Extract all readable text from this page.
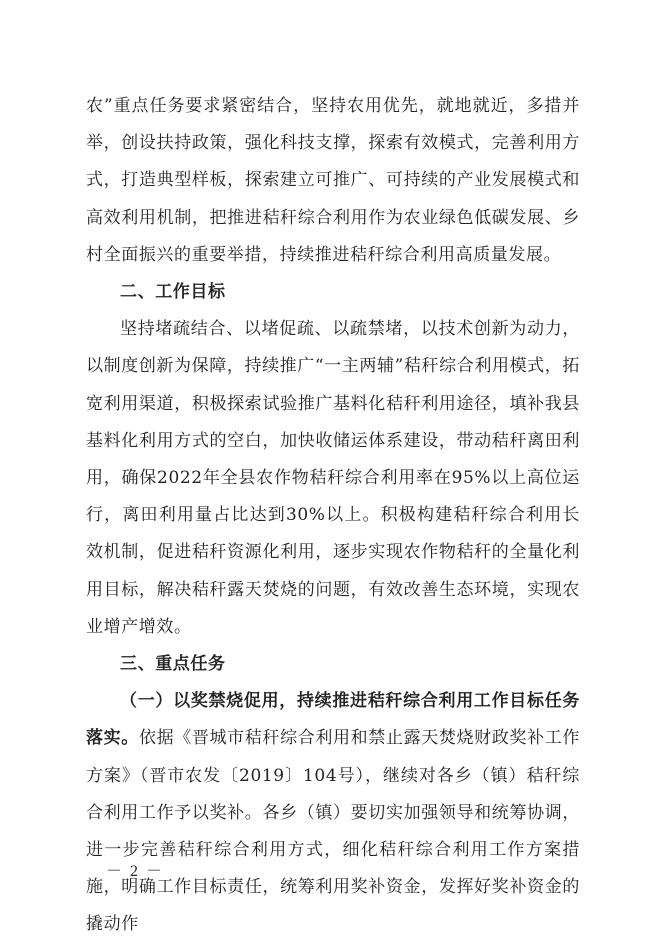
农”重点任务要求紧密结合，坚持农用优先，就地就近，多措并举，创设扶持政策，强化科技支撑，探索有效模式，完善利用方式，打造典型样板，探索建立可推广、可持续的产业发展模式和高效利用机制，把推进秸秆综合利用作为农业绿色低碳发展、乡村全面振兴的重要举措，持续推进秸秆综合利用高质量发展。

二、工作目标

坚持堵疏结合、以堵促疏、以疏禁堵，以技术创新为动力，以制度创新为保障，持续推广“一主两辅”秸秆综合利用模式，拓宽利用渠道，积极探索试验推广基料化秸秆利用途径，填补我县基料化利用方式的空白，加快收储运体系建设，带动秸秆离田利用，确保2022年全县农作物秸秆综合利用率在95%以上高位运行，离田利用量占比达到30%以上。积极构建秸秆综合利用长效机制，促进秸秆资源化利用，逐步实现农作物秸秆的全量化利用目标，解决秸秆露天焚烧的问题，有效改善生态环境，实现农业增产增效。

三、重点任务

（一）以奖禁烧促用，持续推进秸秆综合利用工作目标任务落实。依据《晋城市秸秆综合利用和禁止露天焚烧财政奖补工作方案》（晋市农发〔2019〕104号），继续对各乡（镇）秸秆综合利用工作予以奖补。各乡（镇）要切实加强领导和统筹协调，进一步完善秸秆综合利用方式，细化秸秆综合利用工作方案措施，明确工作目标责任，统筹利用奖补资金，发挥好奖补资金的撬动作

－ 2 －
